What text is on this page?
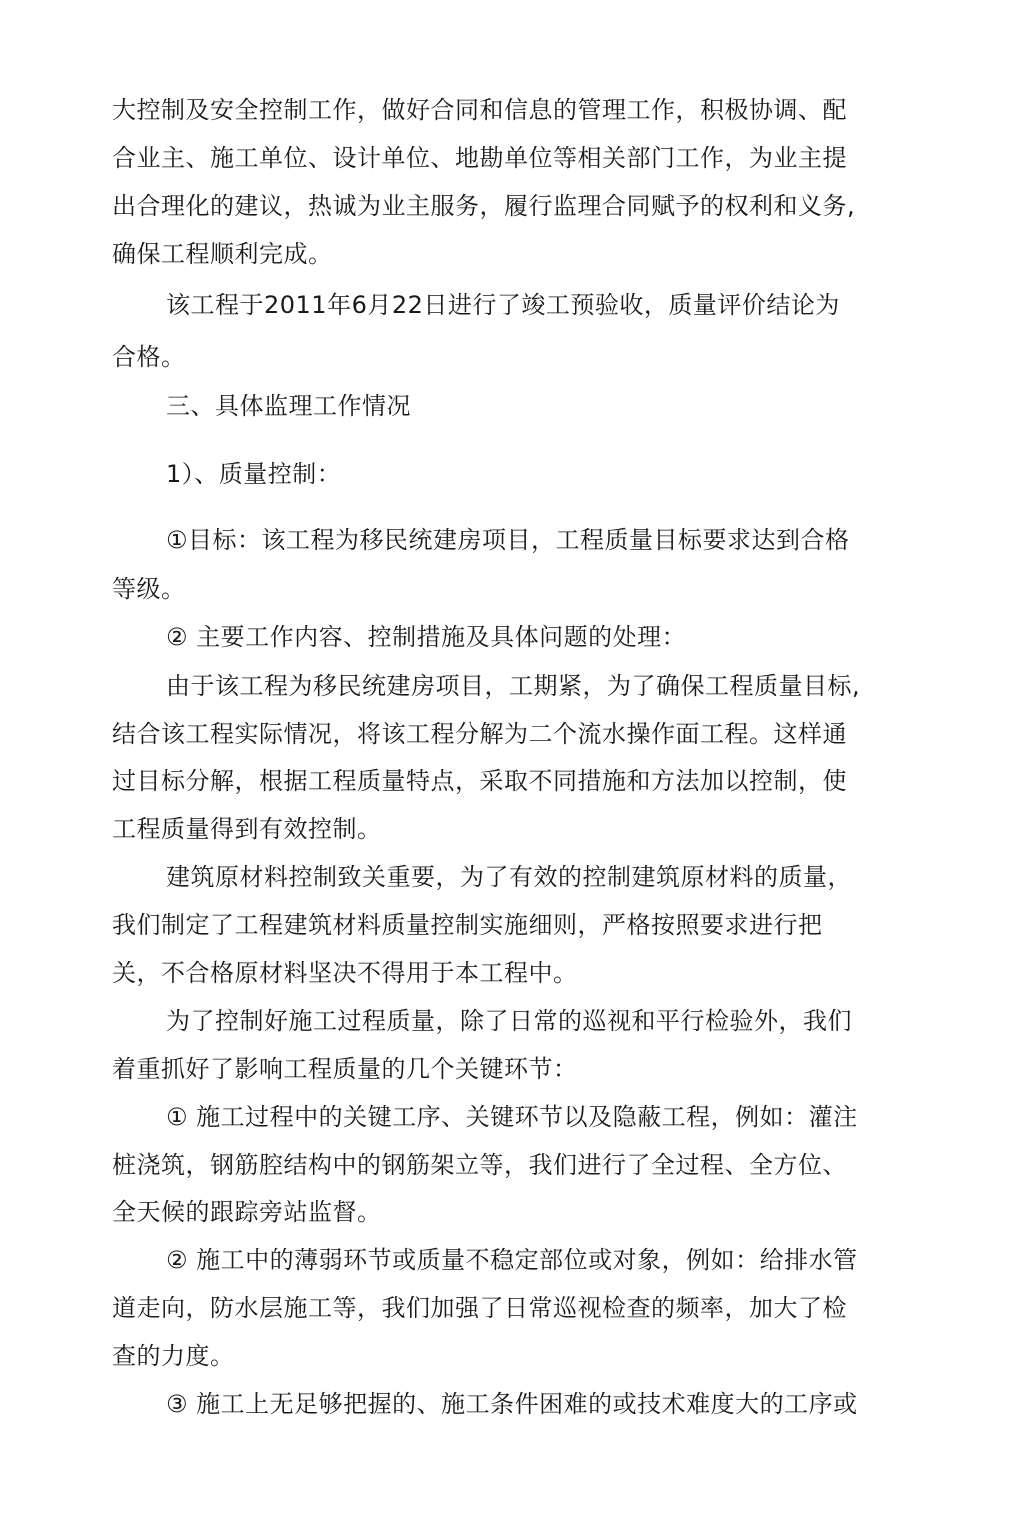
大控制及安全控制工作，做好合同和信息的管理工作，积极协调、配
合业主、施工单位、设计单位、地勘单位等相关部门工作，为业主提
出合理化的建议，热诚为业主服务，履行监理合同赋予的权利和义务,
确保工程顺利完成。
该工程于2011年6月22日进行了竣工预验收，质量评价结论为
合格。
三、具体监理工作情况
1）、质量控制：
①目标：该工程为移民统建房项目，工程质量目标要求达到合格
等级。
② 主要工作内容、控制措施及具体问题的处理：
由于该工程为移民统建房项目，工期紧，为了确保工程质量目标,
结合该工程实际情况，将该工程分解为二个流水操作面工程。这样通
过目标分解，根据工程质量特点，采取不同措施和方法加以控制，使
工程质量得到有效控制。
建筑原材料控制致关重要，为了有效的控制建筑原材料的质量，
我们制定了工程建筑材料质量控制实施细则，严格按照要求进行把
关，不合格原材料坚决不得用于本工程中。
为了控制好施工过程质量，除了日常的巡视和平行检验外，我们
着重抓好了影响工程质量的几个关键环节：
① 施工过程中的关键工序、关键环节以及隐蔽工程，例如：灌注
桩浇筑，钢筋腔结构中的钢筋架立等，我们进行了全过程、全方位、
全天候的跟踪旁站监督。
② 施工中的薄弱环节或质量不稳定部位或对象，例如：给排水管
道走向，防水层施工等，我们加强了日常巡视检查的频率，加大了检
查的力度。
③ 施工上无足够把握的、施工条件困难的或技术难度大的工序或
